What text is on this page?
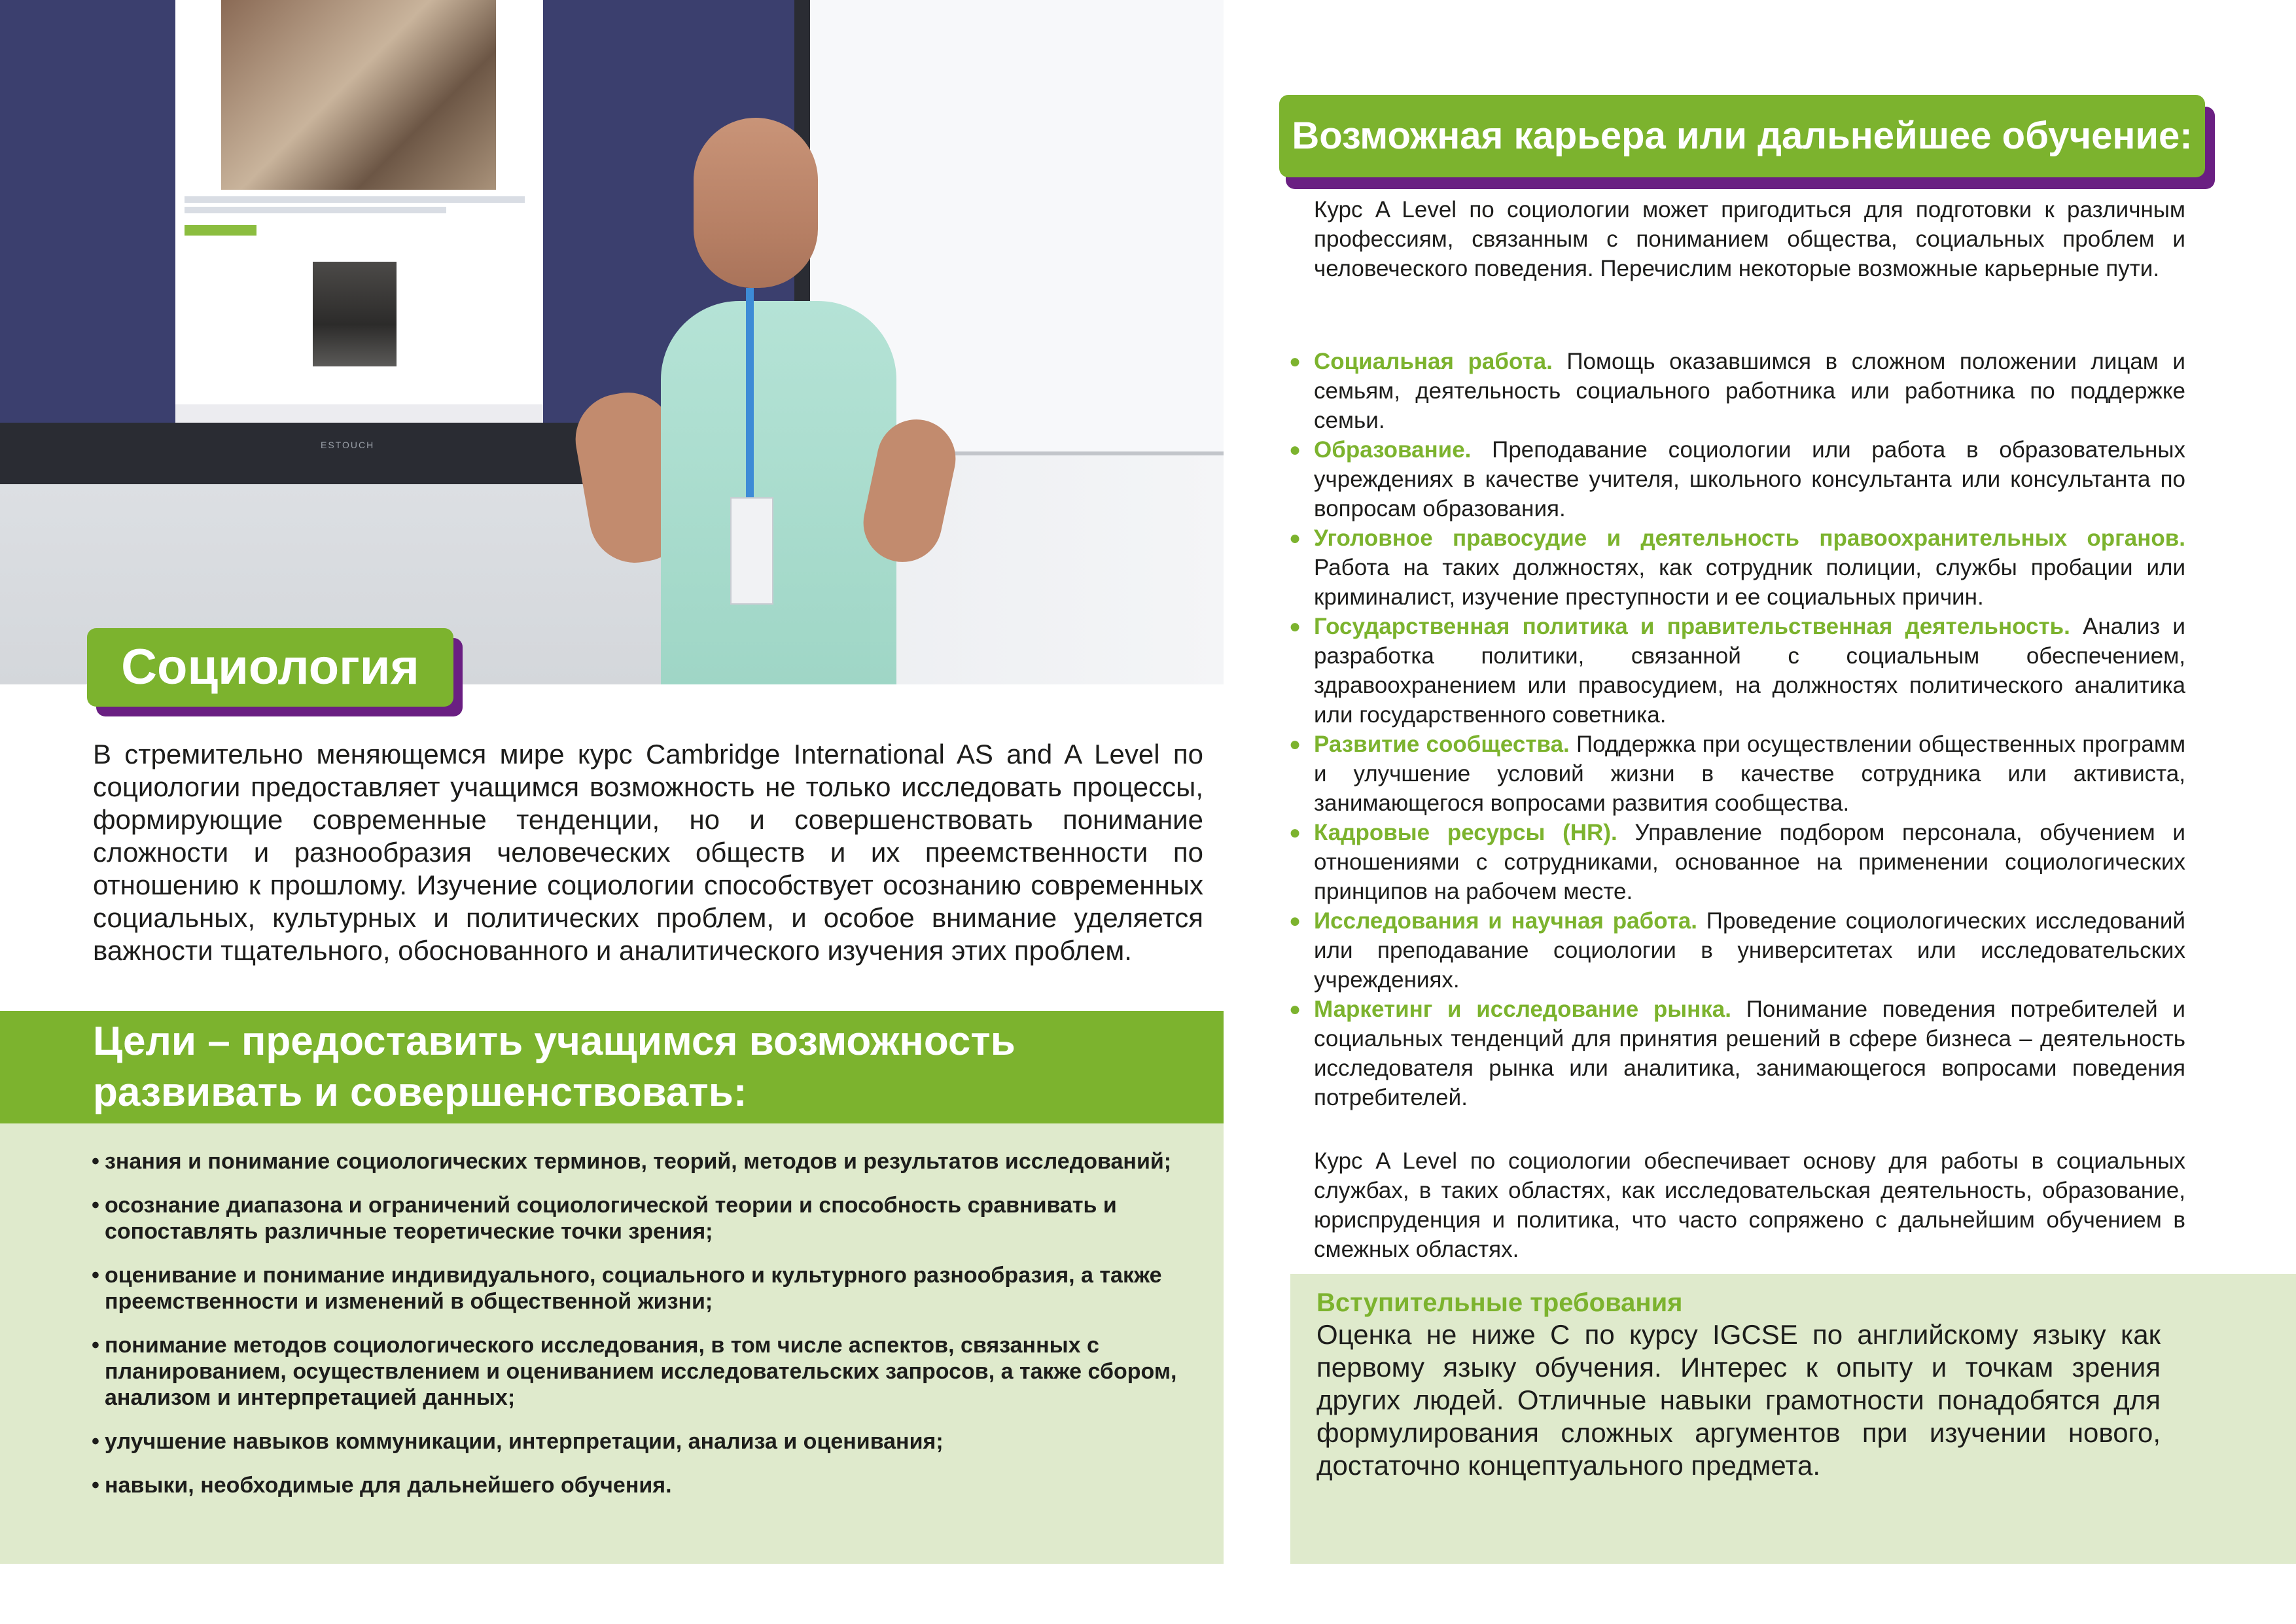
ESTOUCH
Социология

В стремительно меняющемся мире курс Cambridge International AS and A Level по социологии предоставляет учащимся возможность не только исследовать процессы, формирующие современные тенденции, но и совершенствовать понимание сложности и разнообразия человеческих обществ и их преемственности по отношению к прошлому. Изучение социологии способствует осознанию современных социальных, культурных и политических проблем, и особое внимание уделяется важности тщательного, обоснованного и аналитического изучения этих проблем.

Цели – предоставить учащимся возможность развивать и совершенствовать:
• знания и понимание социологических терминов, теорий, методов и результатов исследований;
• осознание диапазона и ограничений социологической теории и способность сравнивать и сопоставлять различные теоретические точки зрения;
• оценивание и понимание индивидуального, социального и культурного разнообразия, а также преемственности и изменений в общественной жизни;
• понимание методов социологического исследования, в том числе аспектов, связанных с планированием, осуществлением и оцениванием исследовательских запросов, а также сбором, анализом и интерпретацией данных;
• улучшение навыков коммуникации, интерпретации, анализа и оценивания;
• навыки, необходимые для дальнейшего обучения.
Возможная карьера или дальнейшее обучение:

Курс A Level по социологии может пригодиться для подготовки к различным профессиям, связанным с пониманием общества, социальных проблем и человеческого поведения. Перечислим некоторые возможные карьерные пути.

● Социальная работа. Помощь оказавшимся в сложном положении лицам и семьям, деятельность социального работника или работника по поддержке семьи.
● Образование. Преподавание социологии или работа в образовательных учреждениях в качестве учителя, школьного консультанта или консультанта по вопросам образования.
● Уголовное правосудие и деятельность правоохранительных органов. Работа на таких должностях, как сотрудник полиции, службы пробации или криминалист, изучение преступности и ее социальных причин.
● Государственная политика и правительственная деятельность. Анализ и разработка политики, связанной с социальным обеспечением, здравоохранением или правосудием, на должностях политического аналитика или государственного советника.
● Развитие сообщества. Поддержка при осуществлении общественных программ и улучшение условий жизни в качестве сотрудника или активиста, занимающегося вопросами развития сообщества.
● Кадровые ресурсы (HR). Управление подбором персонала, обучением и отношениями с сотрудниками, основанное на применении социологических принципов на рабочем месте.
● Исследования и научная работа. Проведение социологических исследований или преподавание социологии в университетах или исследовательских учреждениях.
● Маркетинг и исследование рынка. Понимание поведения потребителей и социальных тенденций для принятия решений в сфере бизнеса – деятельность исследователя рынка или аналитика, занимающегося вопросами поведения потребителей.

Курс A Level по социологии обеспечивает основу для работы в социальных службах, в таких областях, как исследовательская деятельность, образование, юриспруденция и политика, что часто сопряжено с дальнейшим обучением в смежных областях.

Вступительные требования

Оценка не ниже С по курсу IGCSE по английскому языку как первому языку обучения. Интерес к опыту и точкам зрения других людей. Отличные навыки грамотности понадобятся для формулирования сложных аргументов при изучении нового, достаточно концептуального предмета.
